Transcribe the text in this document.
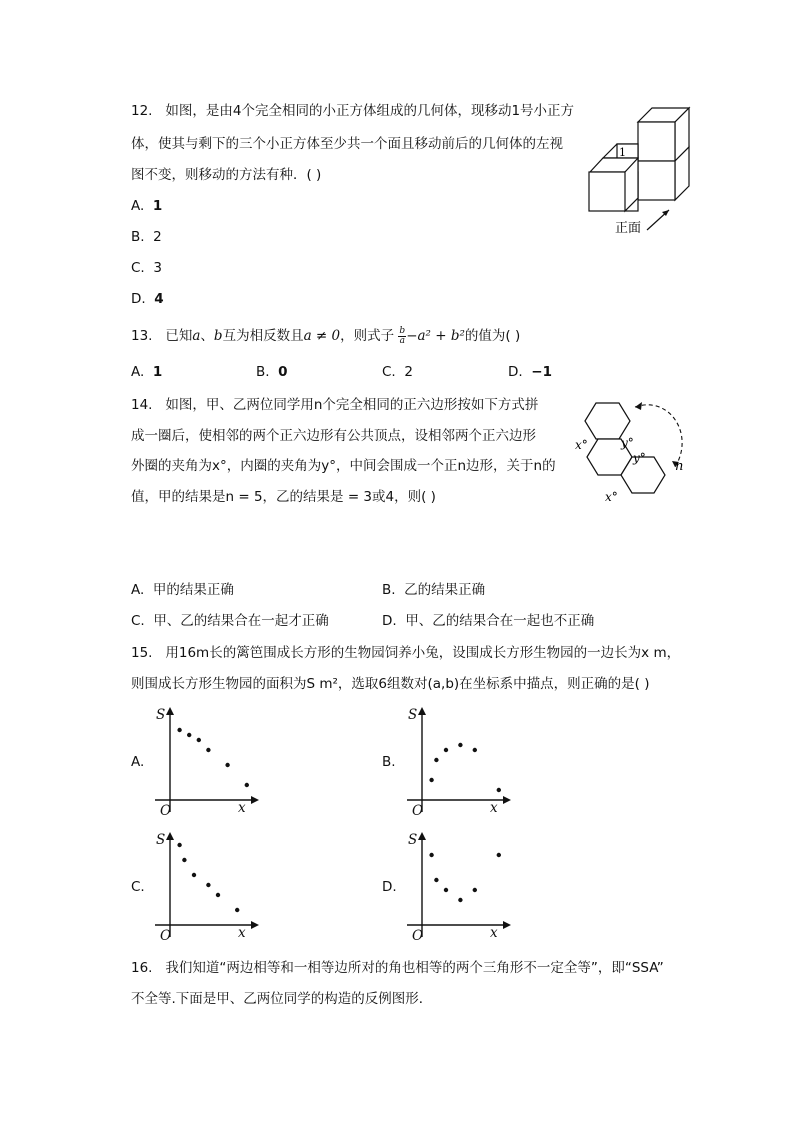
12. 如图，是由4个完全相同的小正方体组成的几何体，现移动1号小正方
体，使其与剩下的三个小正方体至少共一个面且移动前后的几何体的左视
图不变，则移动的方法有种．( )
A. 1
B. 2
C. 3
D. 4
1
正面
13. 已知a、b互为相反数且a ≠ 0，则式子 $\frac{b}{a} -a^2 + b^2$的值为( )
A. 1	B. 0	C. 2	D. −1
14. 如图，甲、乙两位同学用n个完全相同的正六边形按如下方式拼
成一圈后，使相邻的两个正六边形有公共顶点，设相邻两个正六边形
外圈的夹角为x°，内圈的夹角为y°，中间会围成一个正n边形，关于n的
值，甲的结果是n = 5，乙的结果是 = 3或4，则( )
x°	y°
y°
x°
n
A. 甲的结果正确	B. 乙的结果正确
C. 甲、乙的结果合在一起才正确	D. 甲、乙的结果合在一起也不正确
15. 用16m长的篱笆围成长方形的生物园饲养小兔，设围成长方形生物园的一边长为x m，
则围成长方形生物园的面积为S m²，选取6组数对(a,b)在坐标系中描点，则正确的是( )
A.	B.
C.	D.
S
x
O
S
x
O
S
x
O
S
x
O
16. 我们知道“两边相等和一相等边所对的角也相等的两个三角形不一定全等”，即“SSA”
不全等.下面是甲、乙两位同学的构造的反例图形．
